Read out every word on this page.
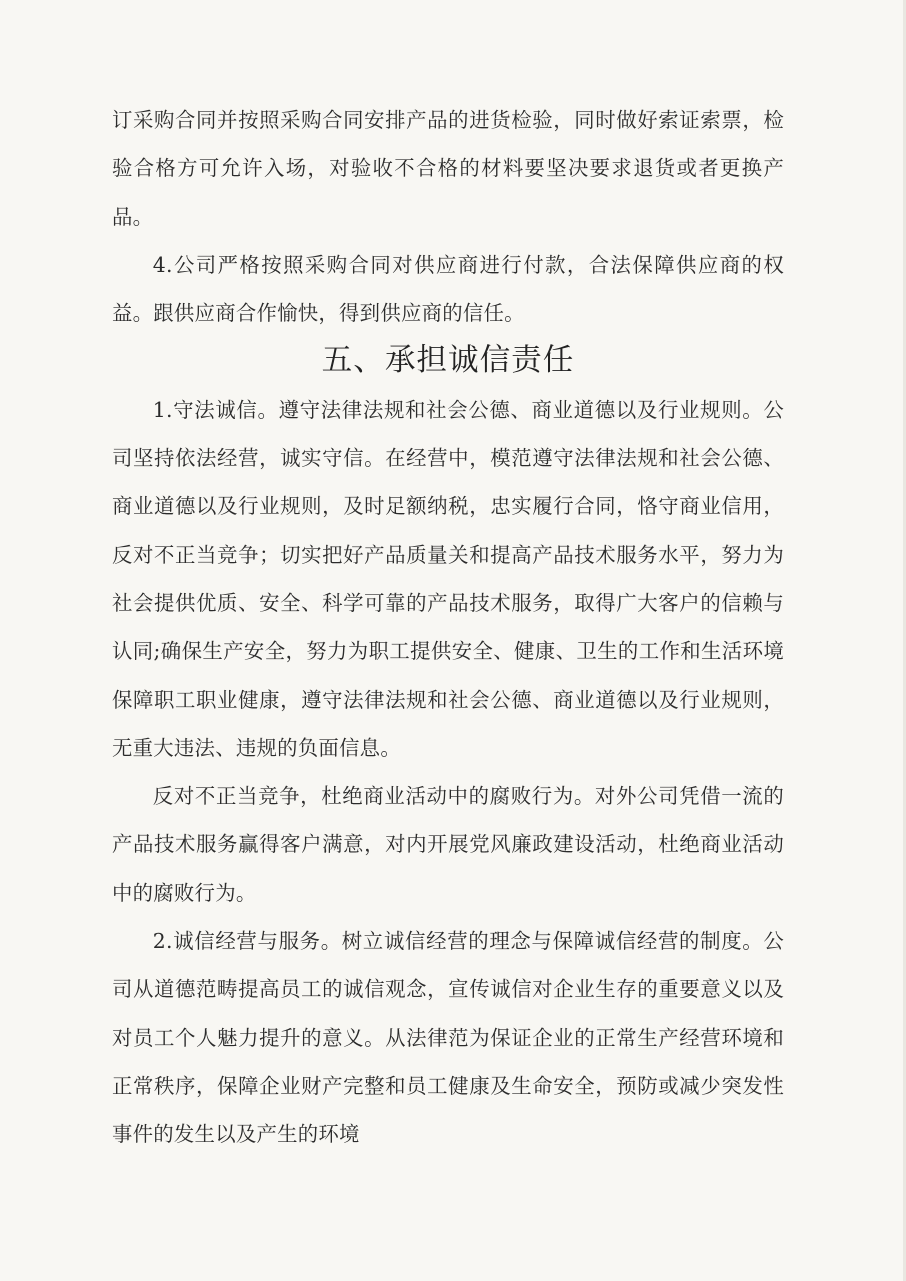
订采购合同并按照采购合同安排产品的进货检验，同时做好索证索票，检验合格方可允许入场，对验收不合格的材料要坚决要求退货或者更换产品。

4.公司严格按照采购合同对供应商进行付款，合法保障供应商的权益。跟供应商合作愉快，得到供应商的信任。

五、承担诚信责任

1.守法诚信。遵守法律法规和社会公德、商业道德以及行业规则。公司坚持依法经营，诚实守信。在经营中，模范遵守法律法规和社会公德、商业道德以及行业规则，及时足额纳税，忠实履行合同，恪守商业信用，反对不正当竞争；切实把好产品质量关和提高产品技术服务水平，努力为社会提供优质、安全、科学可靠的产品技术服务，取得广大客户的信赖与认同;确保生产安全，努力为职工提供安全、健康、卫生的工作和生活环境保障职工职业健康，遵守法律法规和社会公德、商业道德以及行业规则，无重大违法、违规的负面信息。

反对不正当竞争，杜绝商业活动中的腐败行为。对外公司凭借一流的产品技术服务赢得客户满意，对内开展党风廉政建设活动，杜绝商业活动中的腐败行为。

2.诚信经营与服务。树立诚信经营的理念与保障诚信经营的制度。公司从道德范畴提高员工的诚信观念，宣传诚信对企业生存的重要意义以及对员工个人魅力提升的意义。从法律范为保证企业的正常生产经营环境和正常秩序，保障企业财产完整和员工健康及生命安全，预防或减少突发性事件的发生以及产生的环境
